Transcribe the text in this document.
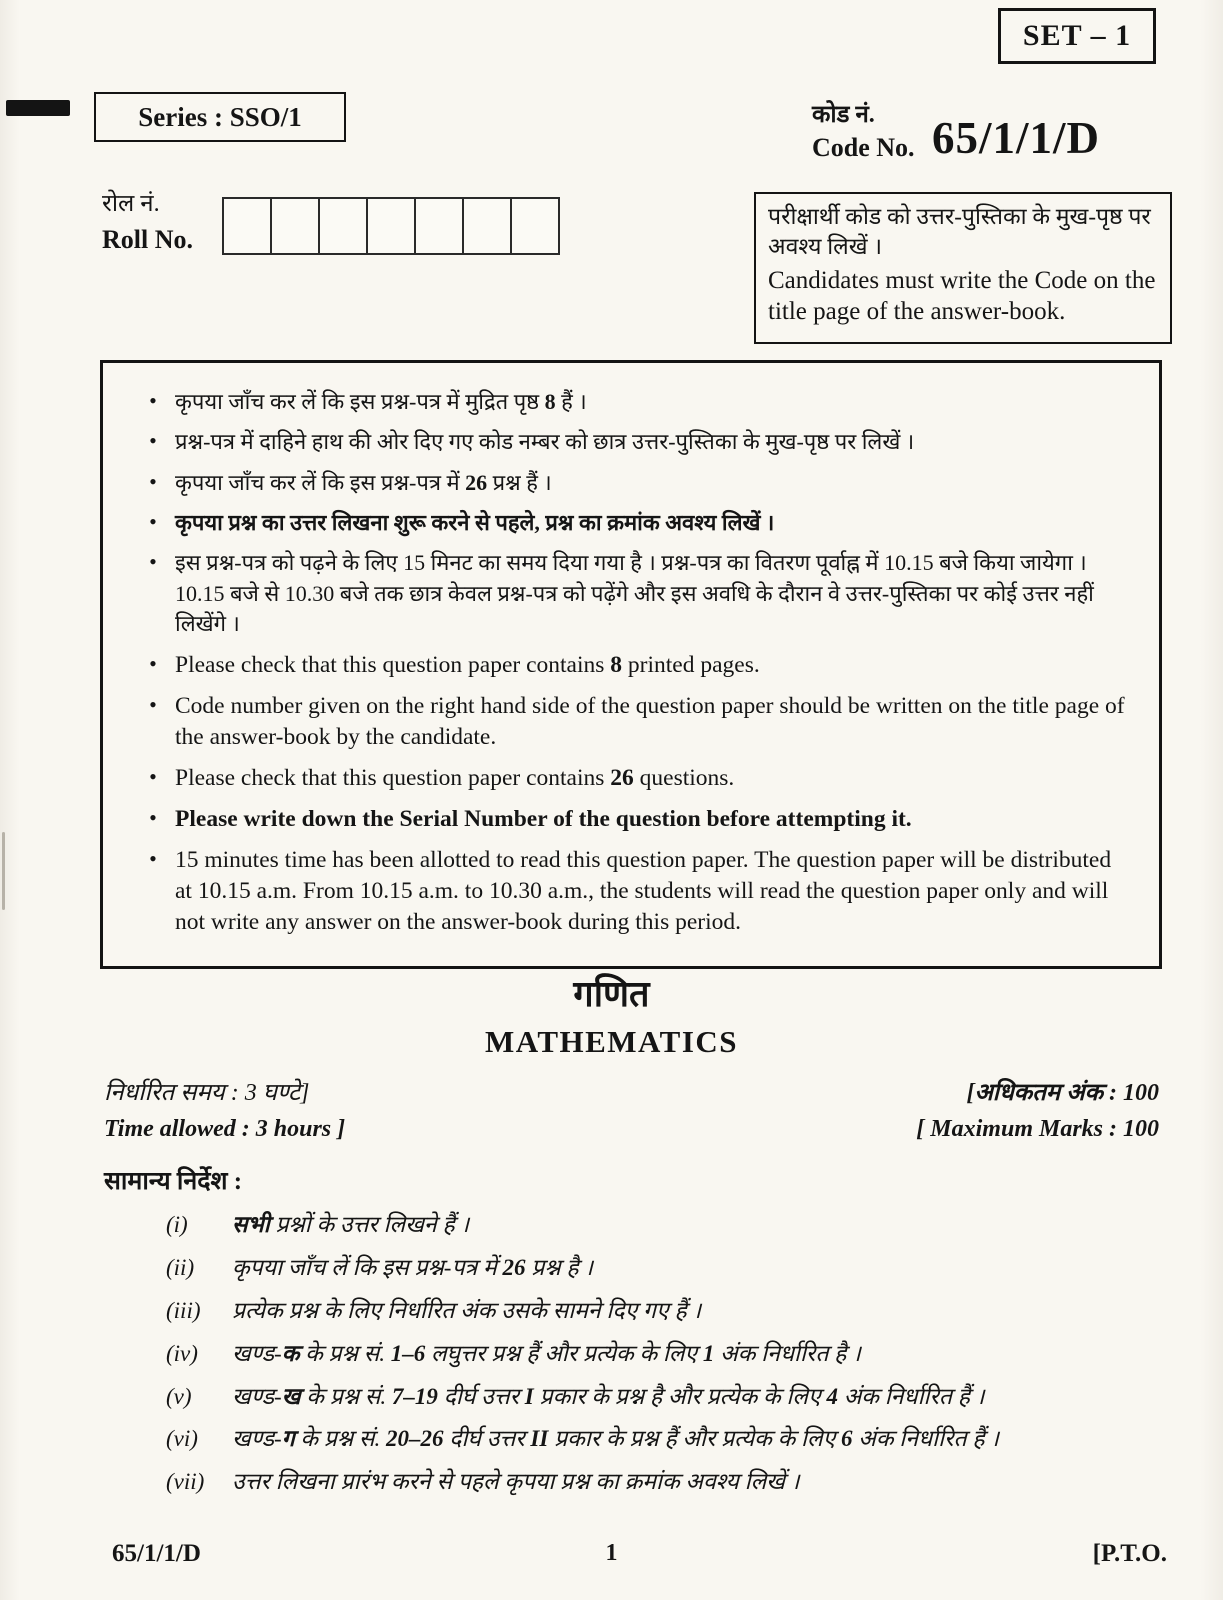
SET – 1
Series : SSO/1	कोड नं.
Code No. 65/1/1/D
रोल नं.
Roll No.
परीक्षार्थी कोड को उत्तर-पुस्तिका के मुख-पृष्ठ पर अवश्य लिखें ।
Candidates must write the Code on the title page of the answer-book.
• कृपया जाँच कर लें कि इस प्रश्न-पत्र में मुद्रित पृष्ठ 8 हैं ।
• प्रश्न-पत्र में दाहिने हाथ की ओर दिए गए कोड नम्बर को छात्र उत्तर-पुस्तिका के मुख-पृष्ठ पर लिखें ।
• कृपया जाँच कर लें कि इस प्रश्न-पत्र में 26 प्रश्न हैं ।
• कृपया प्रश्न का उत्तर लिखना शुरू करने से पहले, प्रश्न का क्रमांक अवश्य लिखें ।
• इस प्रश्न-पत्र को पढ़ने के लिए 15 मिनट का समय दिया गया है । प्रश्न-पत्र का वितरण पूर्वाह्न में 10.15 बजे किया जायेगा । 10.15 बजे से 10.30 बजे तक छात्र केवल प्रश्न-पत्र को पढ़ेंगे और इस अवधि के दौरान वे उत्तर-पुस्तिका पर कोई उत्तर नहीं लिखेंगे ।
• Please check that this question paper contains 8 printed pages.
• Code number given on the right hand side of the question paper should be written on the title page of the answer-book by the candidate.
• Please check that this question paper contains 26 questions.
• Please write down the Serial Number of the question before attempting it.
• 15 minutes time has been allotted to read this question paper. The question paper will be distributed at 10.15 a.m. From 10.15 a.m. to 10.30 a.m., the students will read the question paper only and will not write any answer on the answer-book during this period.
गणित
MATHEMATICS
निर्धारित समय : 3 घण्टे]
Time allowed : 3 hours ]
[अधिकतम अंक : 100
[ Maximum Marks : 100
सामान्य निर्देश :
(i)	सभी प्रश्नों के उत्तर लिखने हैं ।
(ii)	कृपया जाँच लें कि इस प्रश्न-पत्र में 26 प्रश्न है ।
(iii)	प्रत्येक प्रश्न के लिए निर्धारित अंक उसके सामने दिए गए हैं ।
(iv)	खण्ड-क के प्रश्न सं. 1–6 लघुत्तर प्रश्न हैं और प्रत्येक के लिए 1 अंक निर्धारित है ।
(v)	खण्ड-ख के प्रश्न सं. 7–19 दीर्घ उत्तर I प्रकार के प्रश्न है और प्रत्येक के लिए 4 अंक निर्धारित हैं ।
(vi)	खण्ड-ग के प्रश्न सं. 20–26 दीर्घ उत्तर II प्रकार के प्रश्न हैं और प्रत्येक के लिए 6 अंक निर्धारित हैं ।
(vii)	उत्तर लिखना प्रारंभ करने से पहले कृपया प्रश्न का क्रमांक अवश्य लिखें ।
1
65/1/1/D	[P.T.O.
